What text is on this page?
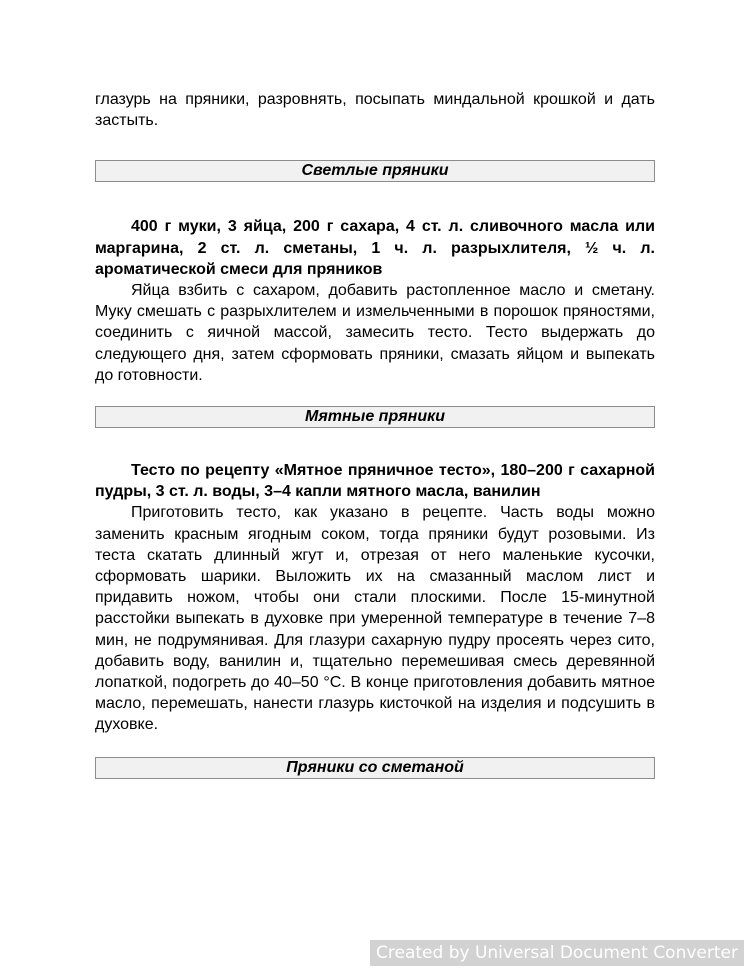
глазурь на пряники, разровнять, посыпать миндальной крошкой и дать застыть.

Светлые пряники

400 г муки, 3 яйца, 200 г сахара, 4 ст. л. сливочного масла или маргарина, 2 ст. л. сметаны, 1 ч. л. разрыхлителя, ½ ч. л. ароматической смеси для пряников

Яйца взбить с сахаром, добавить растопленное масло и сметану. Муку смешать с разрыхлителем и измельченными в порошок пряностями, соединить с яичной массой, замесить тесто. Тесто выдержать до следующего дня, затем сформовать пряники, смазать яйцом и выпекать до готовности.

Мятные пряники

Тесто по рецепту «Мятное пряничное тесто», 180–200 г сахарной пудры, 3 ст. л. воды, 3–4 капли мятного масла, ванилин

Приготовить тесто, как указано в рецепте. Часть воды можно заменить красным ягодным соком, тогда пряники будут розовыми. Из теста скатать длинный жгут и, отрезая от него маленькие кусочки, сформовать шарики. Выложить их на смазанный маслом лист и придавить ножом, чтобы они стали плоскими. После 15-минутной расстойки выпекать в духовке при умеренной температуре в течение 7–8 мин, не подрумянивая. Для глазури сахарную пудру просеять через сито, добавить воду, ванилин и, тщательно перемешивая смесь деревянной лопаткой, подогреть до 40–50 °C. В конце приготовления добавить мятное масло, перемешать, нанести глазурь кисточкой на изделия и подсушить в духовке.

Пряники со сметаной
Created by Universal Document Converter
